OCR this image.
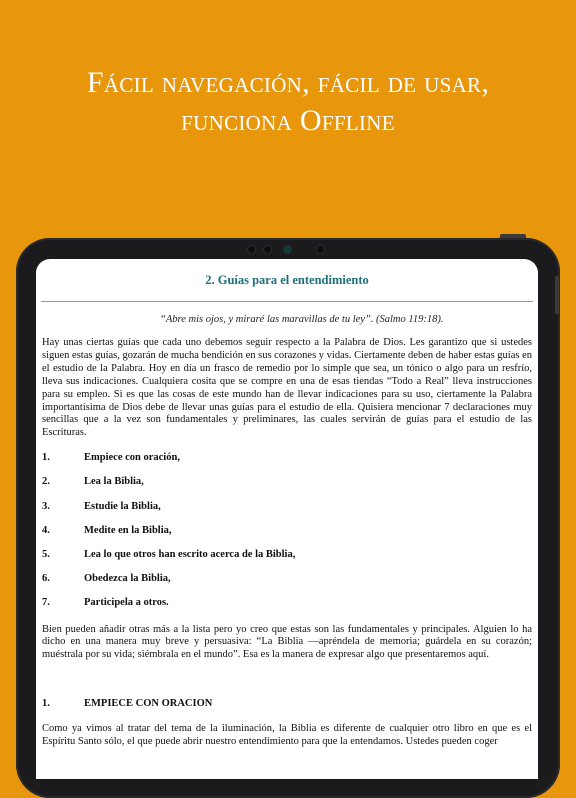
Fácil navegación, fácil de usar,
funciona Offline
2. Guías para el entendimiento
“Abre mis ojos, y miraré las maravillas de tu ley”. (Salmo 119:18).

Hay unas ciertas guías que cada uno debemos seguir respecto a la Palabra de Dios. Les garantizo que si ustedes siguen estas guías, gozarán de mucha bendición en sus corazones y vidas. Ciertamente deben de haber estas guías en el estudio de la Palabra. Hoy en día un frasco de remedio por lo simple que sea, un tónico o algo para un resfrío, lleva sus indicaciones. Cualquiera cosita que se compre en una de esas tiendas “Todo a Real” lleva instrucciones para su empleo. Si es que las cosas de este mundo han de llevar indicaciones para su uso, ciertamente la Palabra importantísima de Dios debe de llevar unas guías para el estudio de ella. Quisiera mencionar 7 declaraciones muy sencillas que a la vez son fundamentales y preliminares, las cuales servirán de guías para el estudio de las Escrituras.

1.	Empiece con oración,
2.	Lea la Biblia,
3.	Estudie la Biblia,
4.	Medite en la Biblia,
5.	Lea lo que otros han escrito acerca de la Biblia,
6.	Obedezca la Biblia,
7.	Participela a otros.

Bien pueden añadir otras más a la lista pero yo creo que estas son las fundamentales y principales. Alguien lo ha dicho en una manera muy breve y persuasiva: “La Biblia —apréndela de memoria; guárdela en su corazón; muéstrala por su vida; siémbrala en el mundo”. Esa es la manera de expresar algo que presentaremos aquí.

1.	EMPIECE CON ORACION

Como ya vimos al tratar del tema de la iluminación, la Biblia es diferente de cualquier otro libro en que es el Espíritu Santo sólo, el que puede abrir nuestro entendimiento para que la entendamos. Ustedes pueden coger
